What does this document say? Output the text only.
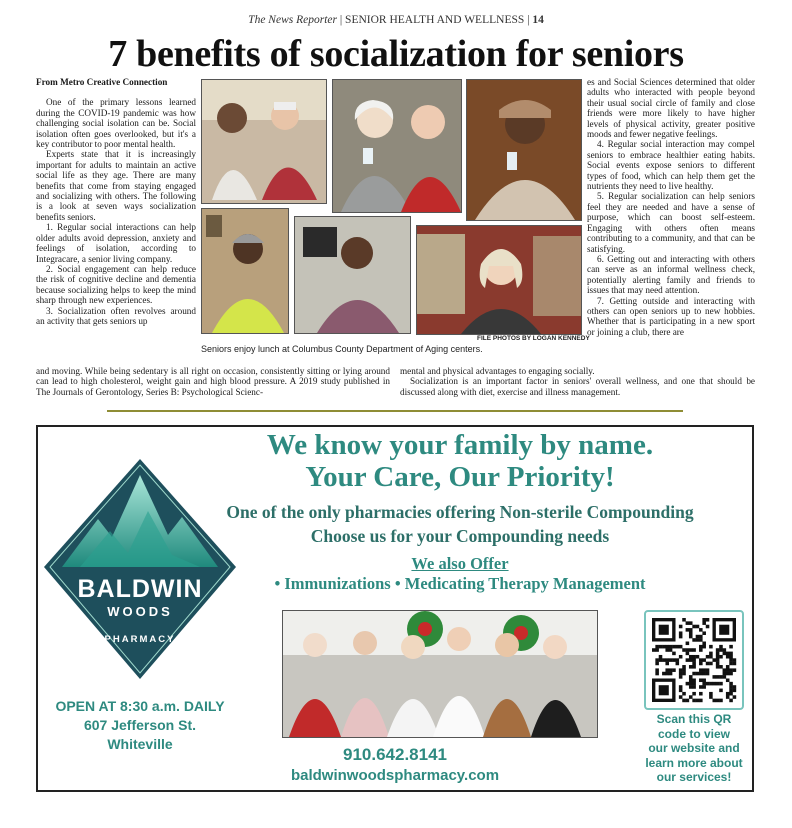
The News Reporter | SENIOR HEALTH AND WELLNESS | 14
7 benefits of socialization for seniors

From Metro Creative Connection

One of the primary lessons learned during the COVID-19 pandemic was how challenging social isolation can be. Social isolation often goes overlooked, but it's a key contributor to poor mental health.

Experts state that it is increasingly important for adults to maintain an active social life as they age. There are many benefits that come from staying engaged and socializing with others. The following is a look at seven ways socialization benefits seniors.

1. Regular social interactions can help older adults avoid depression, anxiety and feelings of isolation, according to Integracare, a senior living company.

2. Social engagement can help reduce the risk of cognitive decline and dementia because socializing helps to keep the mind sharp through new experiences.

3. Socialization often revolves around an activity that gets seniors up

es and Social Sciences determined that older adults who interacted with people beyond their usual social circle of family and close friends were more likely to have higher levels of physical activity, greater positive moods and fewer negative feelings.

4. Regular social interaction may compel seniors to embrace healthier eating habits. Social events expose seniors to different types of food, which can help them get the nutrients they need to live healthy.

5. Regular socialization can help seniors feel they are needed and have a sense of purpose, which can boost self-esteem. Engaging with others often means contributing to a community, and that can be satisfying.

6. Getting out and interacting with others can serve as an informal wellness check, potentially alerting family and friends to issues that may need attention.

7. Getting outside and interacting with others can open seniors up to new hobbies. Whether that is participating in a new sport or joining a club, there are

and moving. While being sedentary is all right on occasion, consistently sitting or lying around can lead to high cholesterol, weight gain and high blood pressure. A 2019 study published in The Journals of Gerontology, Series B: Psychological Scienc-

mental and physical advantages to engaging socially.

Socialization is an important factor in seniors' overall wellness, and one that should be discussed along with diet, exercise and illness management.

FILE PHOTOS BY LOGAN KENNEDY
Seniors enjoy lunch at Columbus County Department of Aging centers.
BALDWIN
WOODS
PHARMACY
We know your family by name.
Your Care, Our Priority!
One of the only pharmacies offering Non-sterile Compounding
Choose us for your Compounding needs
We also Offer
• Immunizations • Medicating Therapy Management
Scan this QR
code to view
our website and
learn more about
our services!
OPEN AT 8:30 a.m. DAILY
607 Jefferson St.
Whiteville
910.642.8141
baldwinwoodspharmacy.com
